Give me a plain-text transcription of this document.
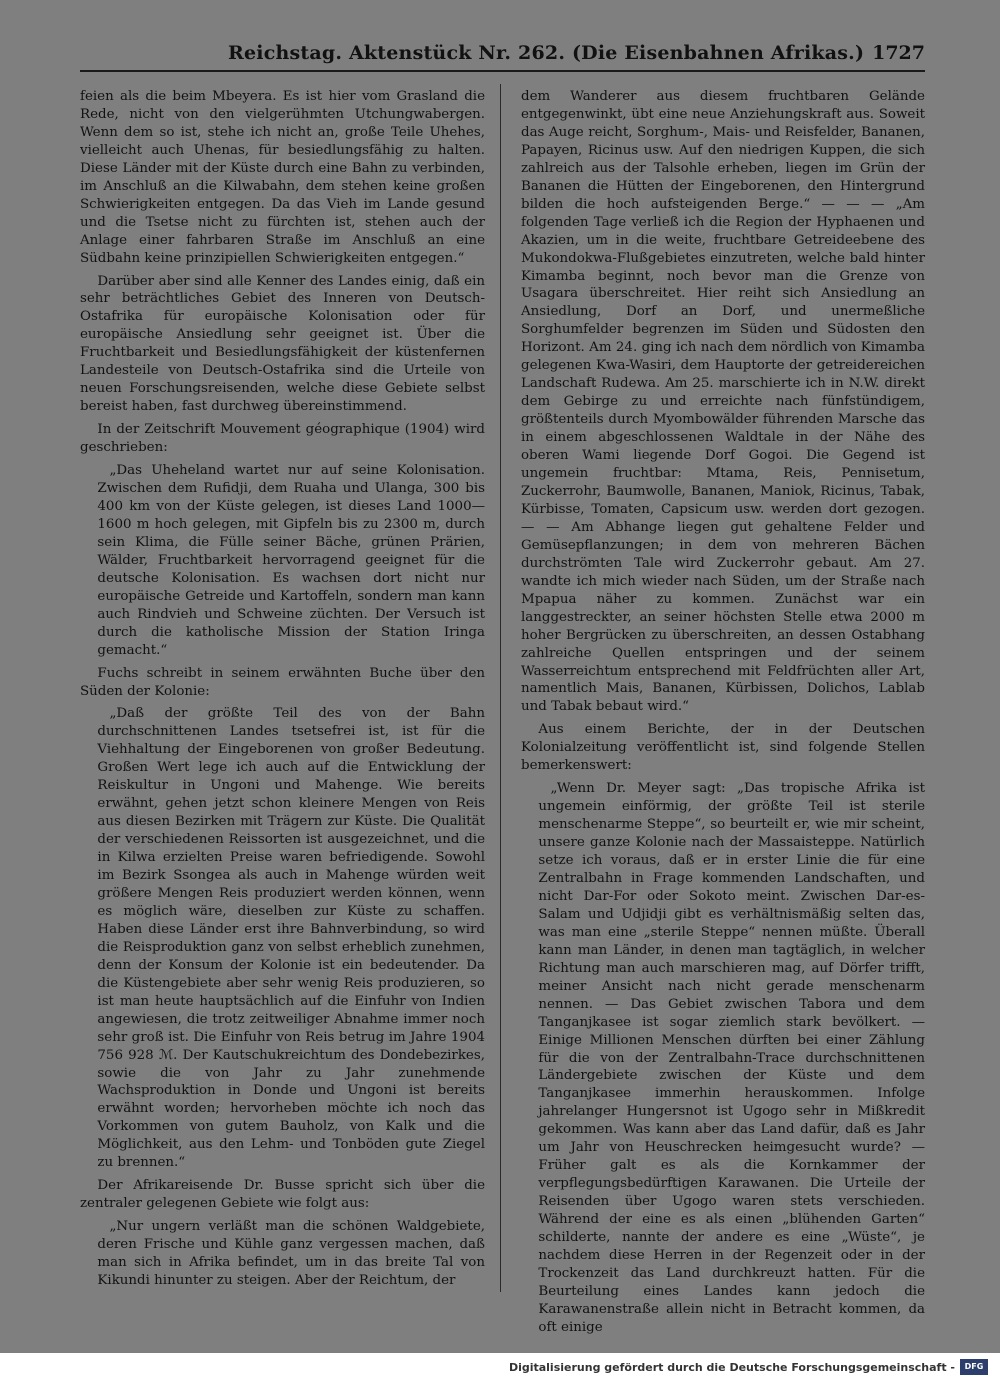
Reichstag. Aktenstück Nr. 262. (Die Eisenbahnen Afrikas.) 1727

feien als die beim Mbeyera. Es ist hier vom Grasland die Rede, nicht von den vielgerühmten Utchungwabergen. Wenn dem so ist, stehe ich nicht an, große Teile Uhehes, vielleicht auch Uhenas, für besiedlungsfähig zu halten. Diese Länder mit der Küste durch eine Bahn zu verbinden, im Anschluß an die Kilwabahn, dem stehen keine großen Schwierigkeiten entgegen. Da das Vieh im Lande gesund und die Tsetse nicht zu fürchten ist, stehen auch der Anlage einer fahrbaren Straße im Anschluß an eine Südbahn keine prinzipiellen Schwierigkeiten entgegen.“

Darüber aber sind alle Kenner des Landes einig, daß ein sehr beträchtliches Gebiet des Inneren von Deutsch-Ostafrika für europäische Kolonisation oder für europäische Ansiedlung sehr geeignet ist. Über die Fruchtbarkeit und Besiedlungsfähigkeit der küstenfernen Landesteile von Deutsch-Ostafrika sind die Urteile von neuen Forschungsreisenden, welche diese Gebiete selbst bereist haben, fast durchweg übereinstimmend.

In der Zeitschrift Mouvement géographique (1904) wird geschrieben:

„Das Uheheland wartet nur auf seine Kolonisation. Zwischen dem Rufidji, dem Ruaha und Ulanga, 300 bis 400 km von der Küste gelegen, ist dieses Land 1000—1600 m hoch gelegen, mit Gipfeln bis zu 2300 m, durch sein Klima, die Fülle seiner Bäche, grünen Prärien, Wälder, Fruchtbarkeit hervorragend geeignet für die deutsche Kolonisation. Es wachsen dort nicht nur europäische Getreide und Kartoffeln, sondern man kann auch Rindvieh und Schweine züchten. Der Versuch ist durch die katholische Mission der Station Iringa gemacht.“

Fuchs schreibt in seinem erwähnten Buche über den Süden der Kolonie:

„Daß der größte Teil des von der Bahn durchschnittenen Landes tsetsefrei ist, ist für die Viehhaltung der Eingeborenen von großer Bedeutung. Großen Wert lege ich auch auf die Entwicklung der Reiskultur in Ungoni und Mahenge. Wie bereits erwähnt, gehen jetzt schon kleinere Mengen von Reis aus diesen Bezirken mit Trägern zur Küste. Die Qualität der verschiedenen Reissorten ist ausgezeichnet, und die in Kilwa erzielten Preise waren befriedigende. Sowohl im Bezirk Ssongea als auch in Mahenge würden weit größere Mengen Reis produziert werden können, wenn es möglich wäre, dieselben zur Küste zu schaffen. Haben diese Länder erst ihre Bahnverbindung, so wird die Reisproduktion ganz von selbst erheblich zunehmen, denn der Konsum der Kolonie ist ein bedeutender. Da die Küstengebiete aber sehr wenig Reis produzieren, so ist man heute hauptsächlich auf die Einfuhr von Indien angewiesen, die trotz zeitweiliger Abnahme immer noch sehr groß ist. Die Einfuhr von Reis betrug im Jahre 1904 756 928 ℳ. Der Kautschukreichtum des Dondebezirkes, sowie die von Jahr zu Jahr zunehmende Wachsproduktion in Donde und Ungoni ist bereits erwähnt worden; hervorheben möchte ich noch das Vorkommen von gutem Bauholz, von Kalk und die Möglichkeit, aus den Lehm- und Tonböden gute Ziegel zu brennen.“

Der Afrikareisende Dr. Busse spricht sich über die zentraler gelegenen Gebiete wie folgt aus:

„Nur ungern verläßt man die schönen Waldgebiete, deren Frische und Kühle ganz vergessen machen, daß man sich in Afrika befindet, um in das breite Tal von Kikundi hinunter zu steigen. Aber der Reichtum, der

dem Wanderer aus diesem fruchtbaren Gelände entgegenwinkt, übt eine neue Anziehungskraft aus. Soweit das Auge reicht, Sorghum-, Mais- und Reisfelder, Bananen, Papayen, Ricinus usw. Auf den niedrigen Kuppen, die sich zahlreich aus der Talsohle erheben, liegen im Grün der Bananen die Hütten der Eingeborenen, den Hintergrund bilden die hoch aufsteigenden Berge.“ — — — „Am folgenden Tage verließ ich die Region der Hyphaenen und Akazien, um in die weite, fruchtbare Getreideebene des Mukondokwa-Flußgebietes einzutreten, welche bald hinter Kimamba beginnt, noch bevor man die Grenze von Usagara überschreitet. Hier reiht sich Ansiedlung an Ansiedlung, Dorf an Dorf, und unermeßliche Sorghumfelder begrenzen im Süden und Südosten den Horizont. Am 24. ging ich nach dem nördlich von Kimamba gelegenen Kwa-Wasiri, dem Hauptorte der getreidereichen Landschaft Rudewa. Am 25. marschierte ich in N.W. direkt dem Gebirge zu und erreichte nach fünfstündigem, größtenteils durch Myombowälder führenden Marsche das in einem abgeschlossenen Waldtale in der Nähe des oberen Wami liegende Dorf Gogoi. Die Gegend ist ungemein fruchtbar: Mtama, Reis, Pennisetum, Zuckerrohr, Baumwolle, Bananen, Maniok, Ricinus, Tabak, Kürbisse, Tomaten, Capsicum usw. werden dort gezogen. — — Am Abhange liegen gut gehaltene Felder und Gemüsepflanzungen; in dem von mehreren Bächen durchströmten Tale wird Zuckerrohr gebaut. Am 27. wandte ich mich wieder nach Süden, um der Straße nach Mpapua näher zu kommen. Zunächst war ein langgestreckter, an seiner höchsten Stelle etwa 2000 m hoher Bergrücken zu überschreiten, an dessen Ostabhang zahlreiche Quellen entspringen und der seinem Wasserreichtum entsprechend mit Feldfrüchten aller Art, namentlich Mais, Bananen, Kürbissen, Dolichos, Lablab und Tabak bebaut wird.“

Aus einem Berichte, der in der Deutschen Kolonialzeitung veröffentlicht ist, sind folgende Stellen bemerkenswert:

„Wenn Dr. Meyer sagt: „Das tropische Afrika ist ungemein einförmig, der größte Teil ist sterile menschenarme Steppe“, so beurteilt er, wie mir scheint, unsere ganze Kolonie nach der Massaisteppe. Natürlich setze ich voraus, daß er in erster Linie die für eine Zentralbahn in Frage kommenden Landschaften, und nicht Dar-For oder Sokoto meint. Zwischen Dar-es-Salam und Udjidji gibt es verhältnismäßig selten das, was man eine „sterile Steppe“ nennen müßte. Überall kann man Länder, in denen man tagtäglich, in welcher Richtung man auch marschieren mag, auf Dörfer trifft, meiner Ansicht nach nicht gerade menschenarm nennen. — Das Gebiet zwischen Tabora und dem Tanganjkasee ist sogar ziemlich stark bevölkert. — Einige Millionen Menschen dürften bei einer Zählung für die von der Zentralbahn-Trace durchschnittenen Ländergebiete zwischen der Küste und dem Tanganjkasee immerhin herauskommen. Infolge jahrelanger Hungersnot ist Ugogo sehr in Mißkredit gekommen. Was kann aber das Land dafür, daß es Jahr um Jahr von Heuschrecken heimgesucht wurde? — Früher galt es als die Kornkammer der verpflegungsbedürftigen Karawanen. Die Urteile der Reisenden über Ugogo waren stets verschieden. Während der eine es als einen „blühenden Garten“ schilderte, nannte der andere es eine „Wüste“, je nachdem diese Herren in der Regenzeit oder in der Trockenzeit das Land durchkreuzt hatten. Für die Beurteilung eines Landes kann jedoch die Karawanenstraße allein nicht in Betracht kommen, da oft einige

Digitalisierung gefördert durch die Deutsche Forschungsgemeinschaft -	DFG
